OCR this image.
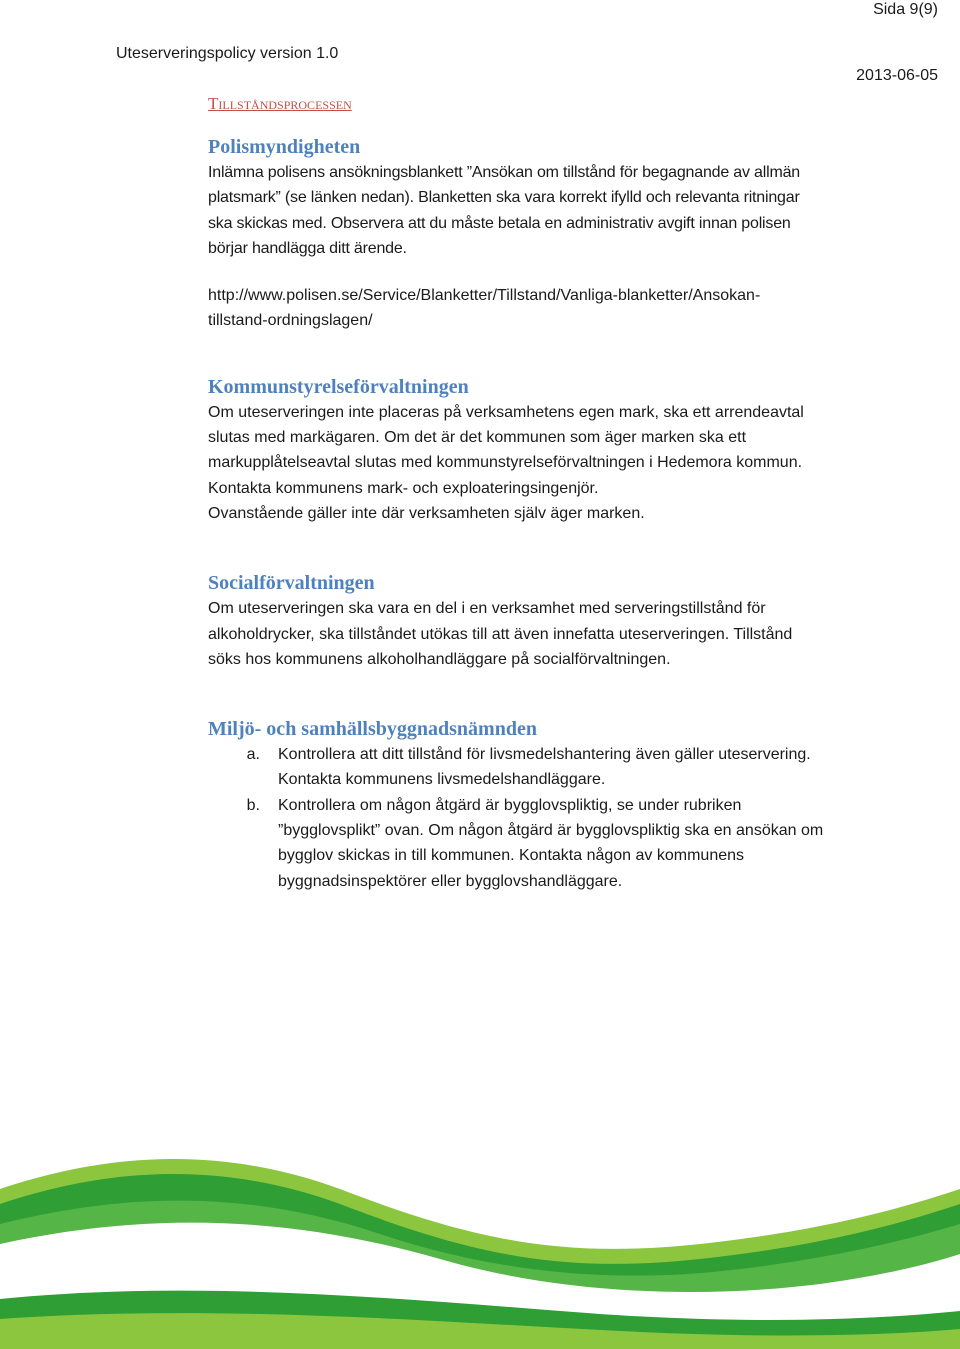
Sida 9(9)
Uteserveringspolicy version 1.0
2013-06-05
Tillståndsprocessen
Polismyndigheten

Inlämna polisens ansökningsblankett ”Ansökan om tillstånd för begagnande av allmän

platsmark” (se länken nedan). Blanketten ska vara korrekt ifylld och relevanta ritningar

ska skickas med. Observera att du måste betala en administrativ avgift innan polisen

börjar handlägga ditt ärende.

http://www.polisen.se/Service/Blanketter/Tillstand/Vanliga-blanketter/Ansokan-

tillstand-ordningslagen/

Kommunstyrelseförvaltningen

Om uteserveringen inte placeras på verksamhetens egen mark, ska ett arrendeavtal

slutas med markägaren. Om det är det kommunen som äger marken ska ett

markupplåtelseavtal slutas med kommunstyrelseförvaltningen i Hedemora kommun.

Kontakta kommunens mark- och exploateringsingenjör.

Ovanstående gäller inte där verksamheten själv äger marken.

Socialförvaltningen

Om uteserveringen ska vara en del i en verksamhet med serveringstillstånd för

alkoholdrycker, ska tillståndet utökas till att även innefatta uteserveringen. Tillstånd

söks hos kommunens alkoholhandläggare på socialförvaltningen.

Miljö- och samhällsbyggnadsnämnden
a.	Kontrollera att ditt tillstånd för livsmedelshantering även gäller uteservering.
Kontakta kommunens livsmedelshandläggare.
b.	Kontrollera om någon åtgärd är bygglovspliktig, se under rubriken
”bygglovsplikt” ovan. Om någon åtgärd är bygglovspliktig ska en ansökan om
bygglov skickas in till kommunen. Kontakta någon av kommunens
byggnadsinspektörer eller bygglovshandläggare.
